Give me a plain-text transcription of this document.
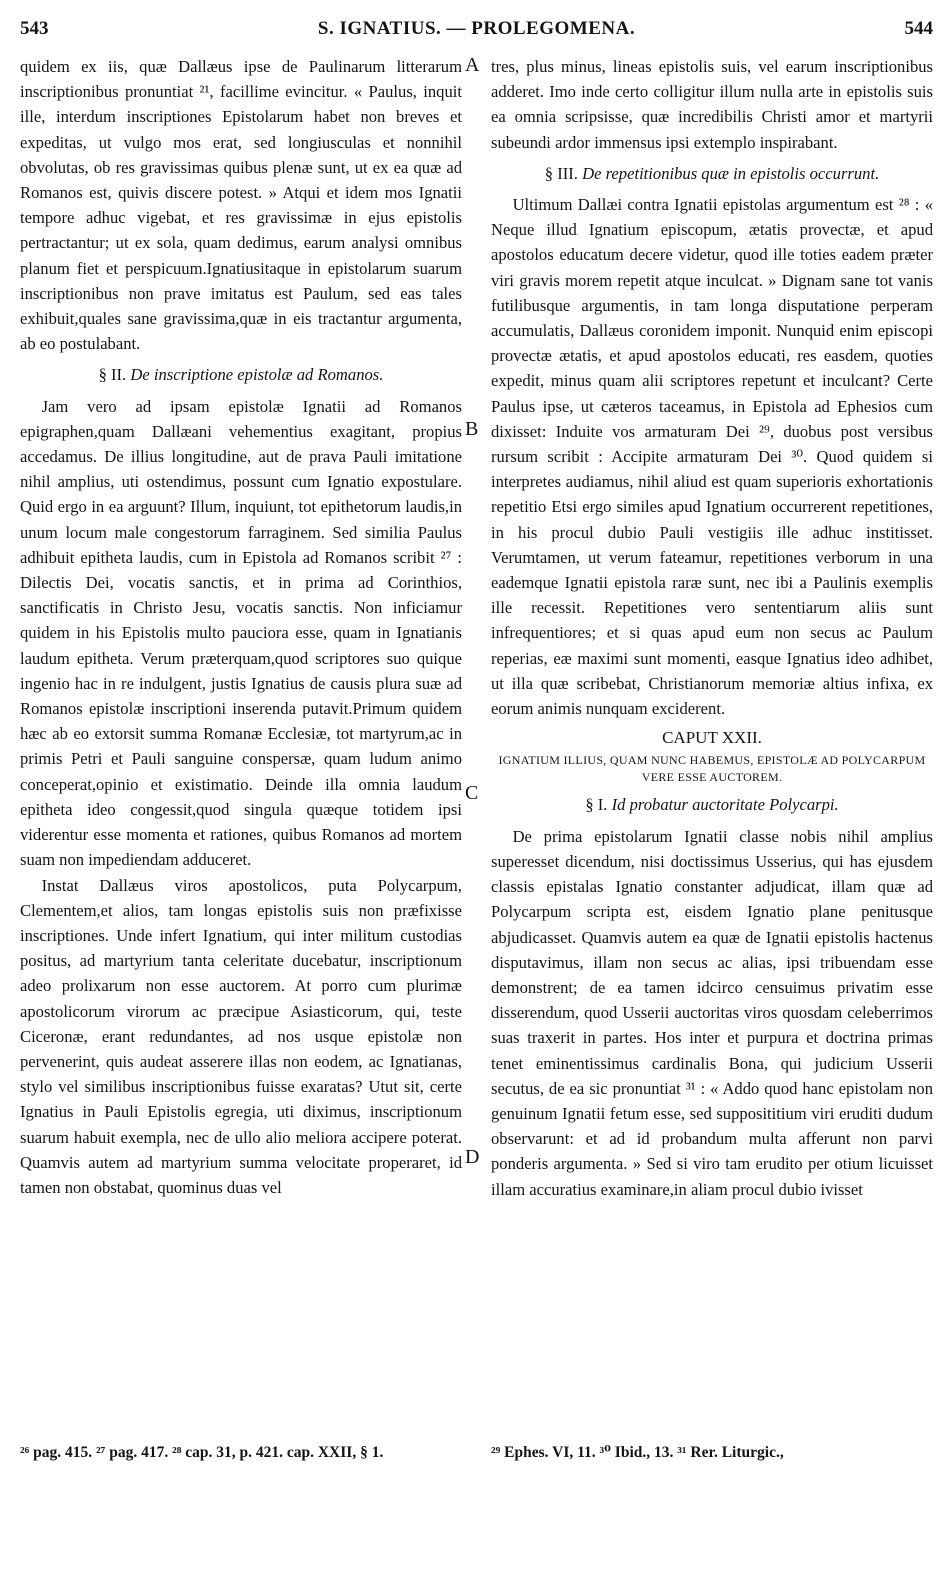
543	S. IGNATIUS. — PROLEGOMENA.	544
A
B
C
D

quidem ex iis, quæ Dallæus ipse de Paulinarum litterarum inscriptionibus pronuntiat ²¹, facillime evincitur. « Paulus, inquit ille, interdum inscriptiones Epistolarum habet non breves et expeditas, ut vulgo mos erat, sed longiusculas et nonnihil obvolutas, ob res gravissimas quibus plenæ sunt, ut ex ea quæ ad Romanos est, quivis discere potest. » Atqui et idem mos Ignatii tempore adhuc vigebat, et res gravissimæ in ejus epistolis pertractantur; ut ex sola, quam dedimus, earum analysi omnibus planum fiet et perspicuum.Ignatiusitaque in epistolarum suarum inscriptionibus non prave imitatus est Paulum, sed eas tales exhibuit,quales sane gravissima,quæ in eis tractantur argumenta, ab eo postulabant.

§ II. De inscriptione epistolæ ad Romanos.

Jam vero ad ipsam epistolæ Ignatii ad Romanos epigraphen,quam Dallæani vehementius exagitant, propius accedamus. De illius longitudine, aut de prava Pauli imitatione nihil amplius, uti ostendimus, possunt cum Ignatio expostulare. Quid ergo in ea arguunt? Illum, inquiunt, tot epithetorum laudis,in unum locum male congestorum farraginem. Sed similia Paulus adhibuit epitheta laudis, cum in Epistola ad Romanos scribit ²⁷ : Dilectis Dei, vocatis sanctis, et in prima ad Corinthios, sanctificatis in Christo Jesu, vocatis sanctis. Non inficiamur quidem in his Epistolis multo pauciora esse, quam in Ignatianis laudum epitheta. Verum præterquam,quod scriptores suo quique ingenio hac in re indulgent, justis Ignatius de causis plura suæ ad Romanos epistolæ inscriptioni inserenda putavit.Primum quidem hæc ab eo extorsit summa Romanæ Ecclesiæ, tot martyrum,ac in primis Petri et Pauli sanguine conspersæ, quam ⁠ludum animo conceperat,opinio et existimatio. Deinde illa omnia laudum epitheta ideo congessit,quod singula quæque totidem ipsi viderentur esse momenta et rationes, quibus Romanos ad mortem suam non impediendam adduceret.

Instat Dallæus viros apostolicos, puta Polycarpum, Clementem,et alios, tam longas epistolis suis non præfixisse inscriptiones. Unde infert Ignatium, qui inter militum custodias positus, ad martyrium tanta celeritate ducebatur, inscriptionum adeo prolixarum non esse auctorem. At porro cum plurimæ apostolicorum virorum ac præcipue Asiasticorum, qui, teste Ciceronæ, erant redundantes, ad nos usque epistolæ non pervenerint, quis audeat asserere illas non eodem, ac Ignatianas, stylo vel similibus inscriptionibus fuisse exaratas? Utut sit, certe Ignatius in Pauli Epistolis egregia, uti diximus, inscriptionum suarum habuit exempla, nec de ullo alio meliora accipere poterat. Quamvis autem ad martyrium summa velocitate properaret, id tamen non obstabat, quominus duas vel

tres, plus minus, lineas epistolis suis, vel earum inscriptionibus adderet. Imo inde certo colligitur illum nulla arte in epistolis suis ea omnia scripsisse, quæ incredibilis Christi amor et martyrii subeundi ardor immensus ipsi extemplo inspirabant.

§ III. De repetitionibus quæ in epistolis occurrunt.

Ultimum Dallæi contra Ignatii epistolas argumentum est ²⁸ : « Neque illud Ignatium episcopum, ætatis provectæ, et apud apostolos educatum decere videtur, quod ille toties eadem præter viri gravis morem repetit atque inculcat. » Dignam sane tot vanis futilibusque argumentis, in tam longa disputatione perperam accumulatis, Dallæus coronidem imponit. Nunquid enim episcopi provectæ ætatis, et apud apostolos educati, res easdem, quoties expedit, minus quam alii scriptores repetunt et inculcant? Certe Paulus ipse, ut cæteros taceamus, in Epistola ad Ephesios cum dixisset: Induite vos armaturam Dei ²⁹, duobus post versibus rursum scribit : Accipite armaturam Dei ³⁰. Quod quidem si interpretes audiamus, nihil aliud est quam superioris exhortationis repetitio Etsi ergo similes apud Ignatium occurrerent repetitiones, in his procul dubio Pauli vestigiis ille adhuc institisset. Verumtamen, ut verum fateamur, repetitiones verborum in una eademque Ignatii epistola raræ sunt, nec ibi a Paulinis exemplis ille recessit. Repetitiones vero sententiarum aliis sunt infrequentiores; et si quas apud eum non secus ac Paulum reperias, eæ maximi sunt momenti, easque Ignatius ideo adhibet, ut illa quæ scribebat, Christianorum memoriæ altius infixa, ex eorum animis nunquam exciderent.

CAPUT XXII.
IGNATIUM ILLIUS, QUAM NUNC HABEMUS, EPISTOLÆ AD POLYCARPUM VERE ESSE AUCTOREM.
§ I. Id probatur auctoritate Polycarpi.

De prima epistolarum Ignatii classe nobis nihil amplius superesset dicendum, nisi doctissimus Usserius, qui has ejusdem classis epistalas Ignatio constanter adjudicat, illam quæ ad Polycarpum scripta est, eisdem Ignatio plane penitusque abjudicasset. Quamvis autem ea quæ de Ignatii epistolis hactenus disputavimus, illam non secus ac alias, ipsi tribuendam esse demonstrent; de ea tamen idcirco censuimus privatim esse disserendum, quod Usserii auctoritas viros quosdam celeberrimos suas traxerit in partes. Hos inter et purpura et doctrina primas tenet eminentissimus cardinalis Bona, qui judicium Usserii secutus, de ea sic pronuntiat ³¹ : « Addo quod hanc epistolam non genuinum Ignatii fetum esse, sed supposititium viri eruditi dudum observarunt: et ad id probandum multa afferunt non parvi ponderis argumenta. » Sed si viro tam erudito per otium licuisset illam accuratius examinare,in aliam procul dubio ivisset

²⁶ pag. 415. ²⁷ pag. 417. ²⁸ cap. 31, p. 421. cap. XXII, § 1.	²⁹ Ephes. VI, 11. ³⁰ Ibid., 13. ³¹ Rer. Liturgic.,
